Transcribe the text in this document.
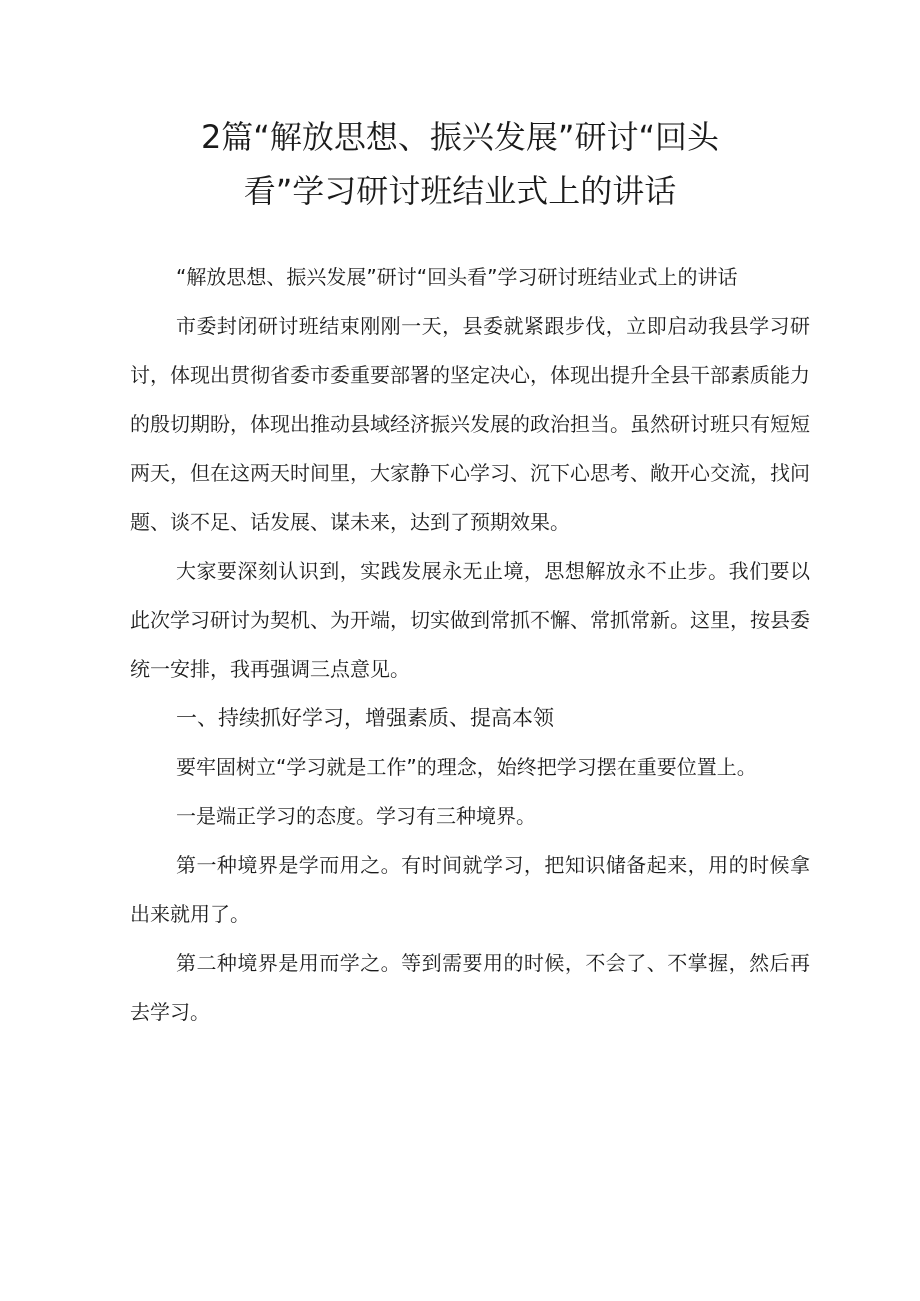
2篇“解放思想、振兴发展”研讨“回头
看”学习研讨班结业式上的讲话

“解放思想、振兴发展”研讨“回头看”学习研讨班结业式上的讲话

市委封闭研讨班结束刚刚一天，县委就紧跟步伐，立即启动我县学习研讨，体现出贯彻省委市委重要部署的坚定决心，体现出提升全县干部素质能力的殷切期盼，体现出推动县域经济振兴发展的政治担当。虽然研讨班只有短短两天，但在这两天时间里，大家静下心学习、沉下心思考、敞开心交流，找问题、谈不足、话发展、谋未来，达到了预期效果。

大家要深刻认识到，实践发展永无止境，思想解放永不止步。我们要以此次学习研讨为契机、为开端，切实做到常抓不懈、常抓常新。这里，按县委统一安排，我再强调三点意见。

一、持续抓好学习，增强素质、提高本领

要牢固树立“学习就是工作”的理念，始终把学习摆在重要位置上。

一是端正学习的态度。学习有三种境界。

第一种境界是学而用之。有时间就学习，把知识储备起来，用的时候拿出来就用了。

第二种境界是用而学之。等到需要用的时候，不会了、不掌握，然后再去学习。
